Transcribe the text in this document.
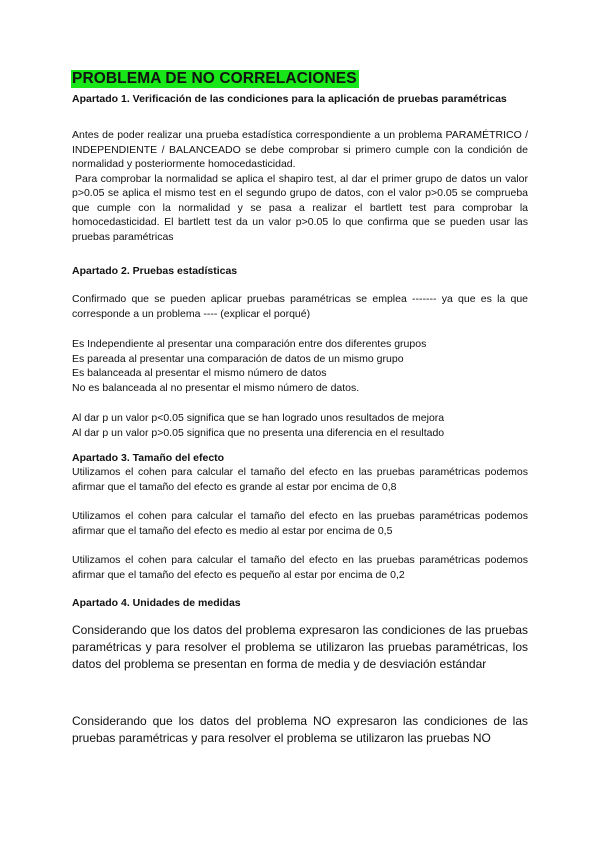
PROBLEMA DE NO CORRELACIONES

Apartado 1. Verificación de las condiciones para la aplicación de pruebas paramétricas

Antes de poder realizar una prueba estadística correspondiente a un problema PARAMÉTRICO / INDEPENDIENTE / BALANCEADO se debe comprobar si primero cumple con la condición de normalidad y posteriormente homocedasticidad.

Para comprobar la normalidad se aplica el shapiro test, al dar el primer grupo de datos un valor p>0.05 se aplica el mismo test en el segundo grupo de datos, con el valor p>0.05 se comprueba que cumple con la normalidad y se pasa a realizar el bartlett test para comprobar la homocedasticidad. El bartlett test da un valor p>0.05 lo que confirma que se pueden usar las pruebas paramétricas

Apartado 2. Pruebas estadísticas

Confirmado que se pueden aplicar pruebas paramétricas se emplea ------- ya que es la que corresponde a un problema ---- (explicar el porqué)

Es Independiente al presentar una comparación entre dos diferentes grupos
Es pareada al presentar una comparación de datos de un mismo grupo
Es balanceada al presentar el mismo número de datos
No es balanceada al no presentar el mismo número de datos.
Al dar p un valor p<0.05 significa que se han logrado unos resultados de mejora
Al dar p un valor p>0.05 significa que no presenta una diferencia en el resultado

Apartado 3. Tamaño del efecto

Utilizamos el cohen para calcular el tamaño del efecto en las pruebas paramétricas podemos afirmar que el tamaño del efecto es grande al estar por encima de 0,8

Utilizamos el cohen para calcular el tamaño del efecto en las pruebas paramétricas podemos afirmar que el tamaño del efecto es medio al estar por encima de 0,5

Utilizamos el cohen para calcular el tamaño del efecto en las pruebas paramétricas podemos afirmar que el tamaño del efecto es pequeño al estar por encima de 0,2

Apartado 4. Unidades de medidas

Considerando que los datos del problema expresaron las condiciones de las pruebas paramétricas y para resolver el problema se utilizaron las pruebas paramétricas, los datos del problema se presentan en forma de media y de desviación estándar

Considerando que los datos del problema NO expresaron las condiciones de las pruebas paramétricas y para resolver el problema se utilizaron las pruebas NO
